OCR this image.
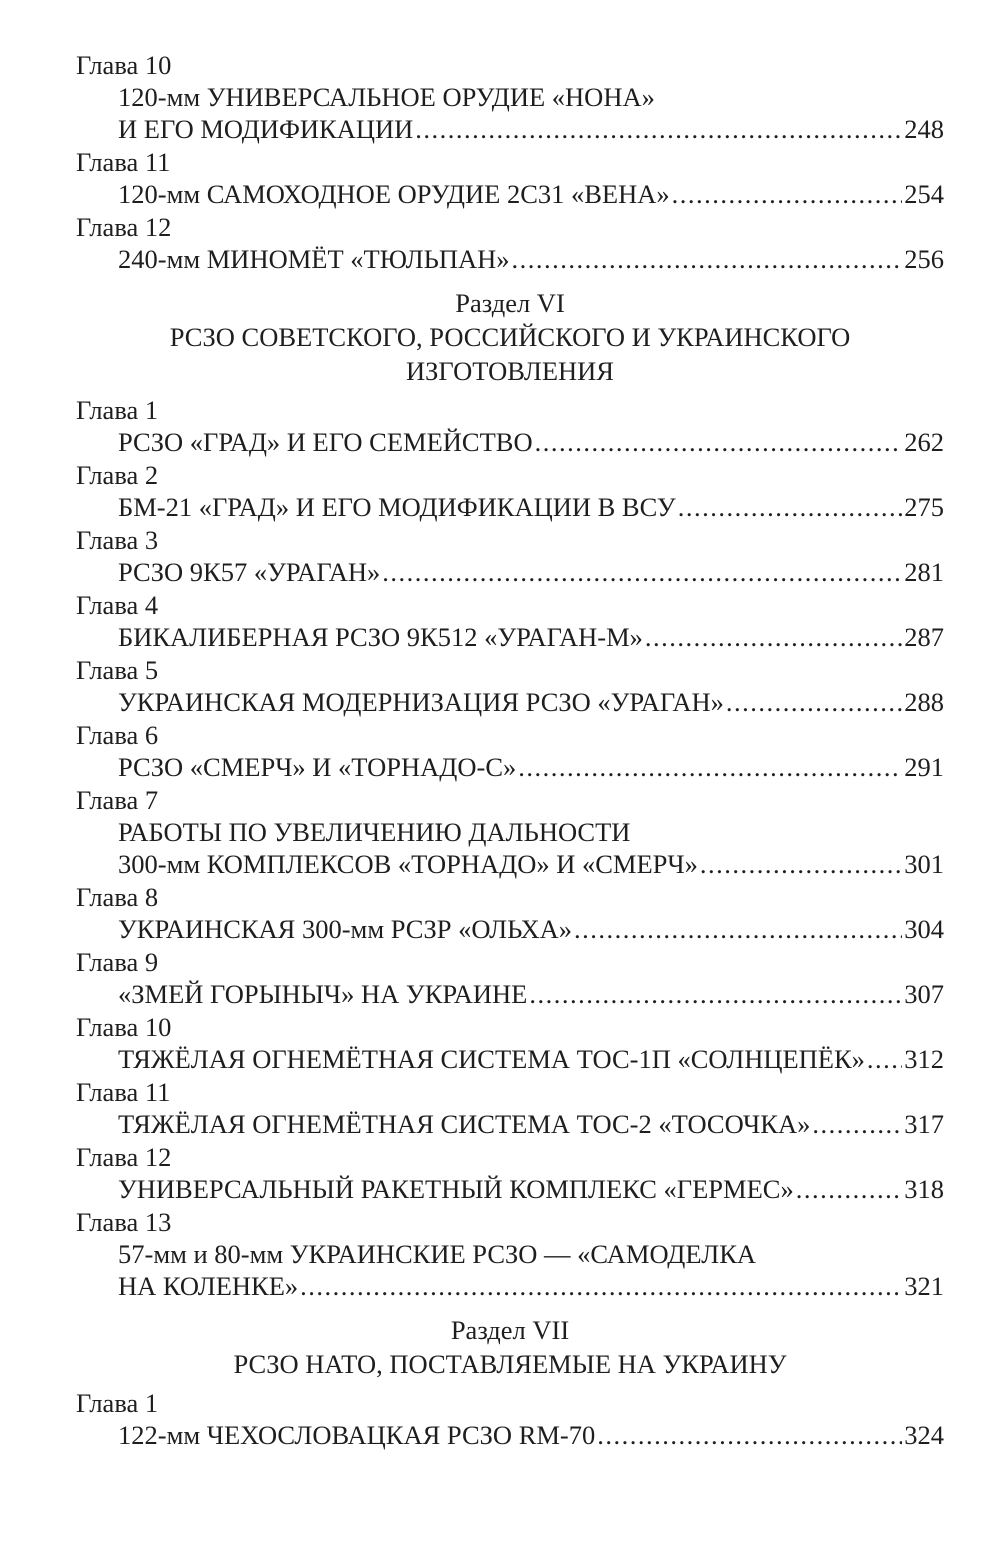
Глава 10
120-мм УНИВЕРСАЛЬНОЕ ОРУДИЕ «НОНА»
И ЕГО МОДИФИКАЦИИ .....	248
Глава 11
120-мм САМОХОДНОЕ ОРУДИЕ 2С31 «ВЕНА» .....	254
Глава 12
240-мм МИНОМЁТ «ТЮЛЬПАН» .....	256
Раздел VI
РСЗО СОВЕТСКОГО, РОССИЙСКОГО И УКРАИНСКОГО
ИЗГОТОВЛЕНИЯ
Глава 1
РСЗО «ГРАД» И ЕГО СЕМЕЙСТВО .....	262
Глава 2
БМ-21 «ГРАД» И ЕГО МОДИФИКАЦИИ В ВСУ .....	275
Глава 3
РСЗО 9К57 «УРАГАН» .....	281
Глава 4
БИКАЛИБЕРНАЯ РСЗО 9К512 «УРАГАН-М» .....	287
Глава 5
УКРАИНСКАЯ МОДЕРНИЗАЦИЯ РСЗО «УРАГАН» .....	288
Глава 6
РСЗО «СМЕРЧ» И «ТОРНАДО-С» .....	291
Глава 7
РАБОТЫ ПО УВЕЛИЧЕНИЮ ДАЛЬНОСТИ
300-мм КОМПЛЕКСОВ «ТОРНАДО» И «СМЕРЧ» .....	301
Глава 8
УКРАИНСКАЯ 300-мм РСЗР «ОЛЬХА» .....	304
Глава 9
«ЗМЕЙ ГОРЫНЫЧ» НА УКРАИНЕ .....	307
Глава 10
ТЯЖЁЛАЯ ОГНЕМЁТНАЯ СИСТЕМА ТОС-1П «СОЛНЦЕПЁК» ..... 312
Глава 11
ТЯЖЁЛАЯ ОГНЕМЁТНАЯ СИСТЕМА ТОС-2 «ТОСОЧКА» .....	317
Глава 12
УНИВЕРСАЛЬНЫЙ РАКЕТНЫЙ КОМПЛЕКС «ГЕРМЕС» .....	318
Глава 13
57-мм и 80-мм УКРАИНСКИЕ РСЗО — «САМОДЕЛКА
НА КОЛЕНКЕ» .....	321
Раздел VII
РСЗО НАТО, ПОСТАВЛЯЕМЫЕ НА УКРАИНУ
Глава 1
122-мм ЧЕХОСЛОВАЦКАЯ РСЗО RM-70 .....	324
